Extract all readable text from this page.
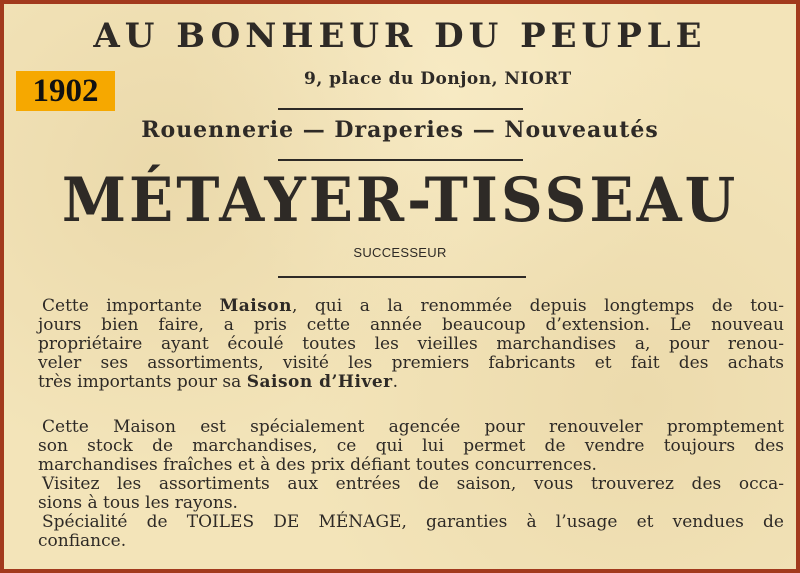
AU BONHEUR DU PEUPLE
1902	9, place du Donjon, NIORT
Rouennerie — Draperies — Nouveautés
MÉTAYER-TISSEAU
SUCCESSEUR
Cette importante Maison, qui a la renommée depuis longtemps de tou-
jours bien faire, a pris cette année beaucoup d’extension. Le nouveau
propriétaire ayant écoulé toutes les vieilles marchandises a, pour renou-
veler ses assortiments, visité les premiers fabricants et fait des achats
très importants pour sa Saison d’Hiver.
Cette Maison est spécialement agencée pour renouveler promptement
son stock de marchandises, ce qui lui permet de vendre toujours des
marchandises fraîches et à des prix défiant toutes concurrences.
Visitez les assortiments aux entrées de saison, vous trouverez des occa-
sions à tous les rayons.
Spécialité de TOILES DE MÉNAGE, garanties à l’usage et vendues de
confiance.
